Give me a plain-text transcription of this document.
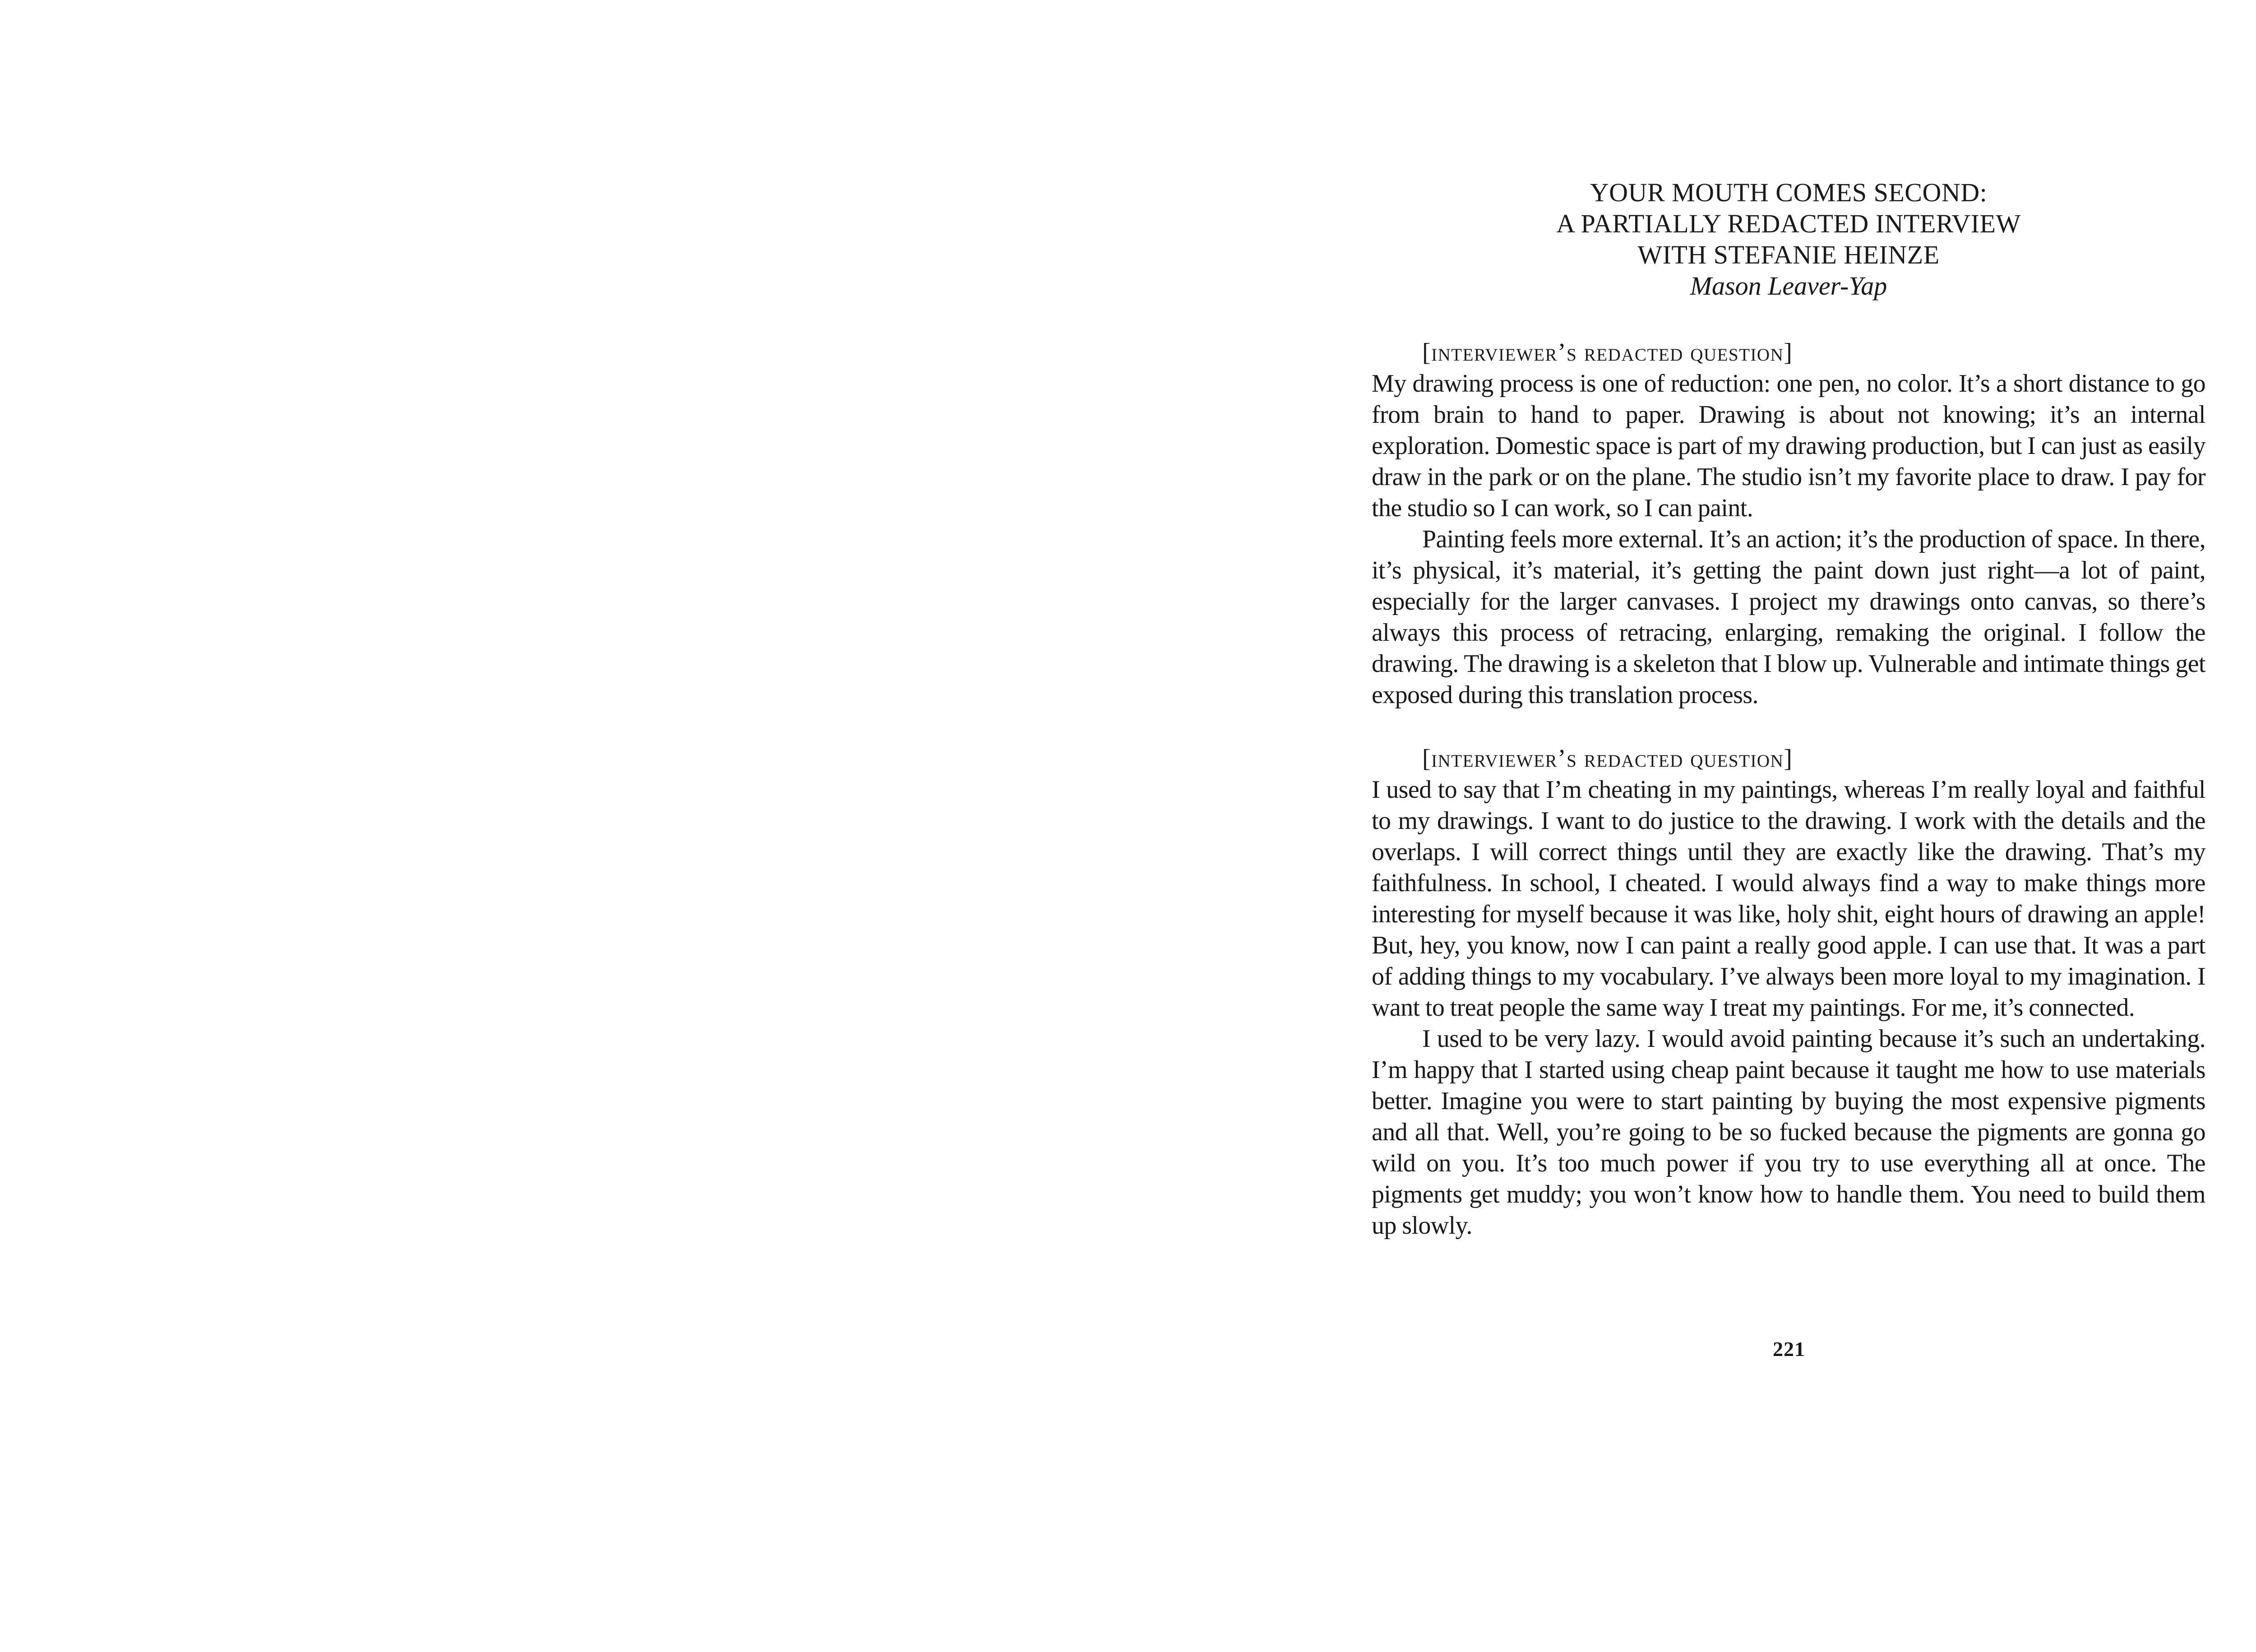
YOUR MOUTH COMES SECOND:
A PARTIALLY REDACTED INTERVIEW
WITH STEFANIE HEINZE
Mason Leaver-Yap
[interviewer’s redacted question]

My drawing process is one of reduction: one pen, no color. It’s a short distance to go from brain to hand to paper. Drawing is about not knowing; it’s an internal exploration. Domestic space is part of my drawing production, but I can just as easily draw in the park or on the plane. The studio isn’t my favorite place to draw. I pay for the studio so I can work, so I can paint.

Painting feels more external. It’s an action; it’s the production of space. In there, it’s physical, it’s material, it’s getting the paint down just right—a lot of paint, especially for the larger canvases. I project my drawings onto canvas, so there’s always this process of retracing, enlarging, remaking the original. I follow the drawing. The drawing is a skeleton that I blow up. Vulnerable and intimate things get exposed during this translation process.

[interviewer’s redacted question]

I used to say that I’m cheating in my paintings, whereas I’m really loyal and faithful to my drawings. I want to do justice to the drawing. I work with the details and the overlaps. I will correct things until they are exactly like the drawing. That’s my faithfulness. In school, I cheated. I would always find a way to make things more interesting for myself because it was like, holy shit, eight hours of drawing an apple! But, hey, you know, now I can paint a really good apple. I can use that. It was a part of adding things to my vocabulary. I’ve always been more loyal to my imagination. I want to treat people the same way I treat my paintings. For me, it’s connected.

I used to be very lazy. I would avoid painting because it’s such an undertaking. I’m happy that I started using cheap paint because it taught me how to use materials better. Imagine you were to start painting by buying the most expensive pigments and all that. Well, you’re going to be so fucked because the pigments are gonna go wild on you. It’s too much power if you try to use everything all at once. The pigments get muddy; you won’t know how to handle them. You need to build them up slowly.

221
